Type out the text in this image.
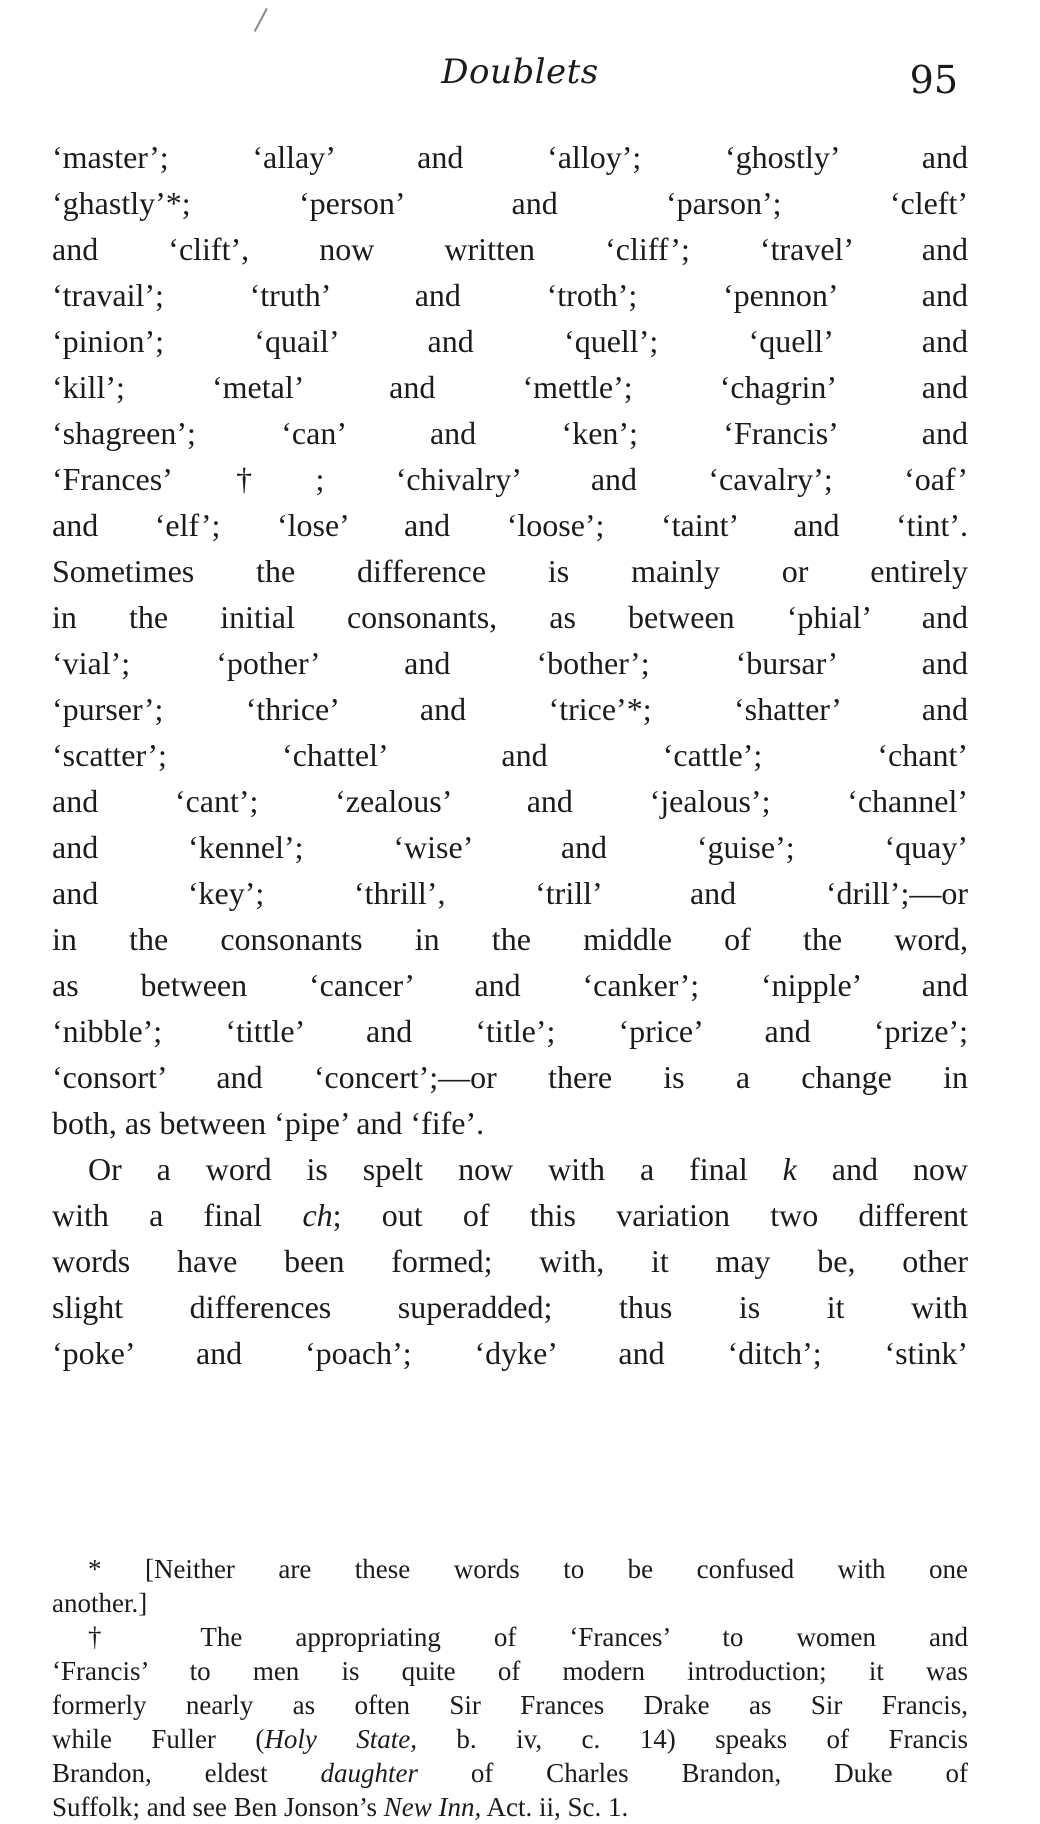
Doublets	95
‘master’; ‘allay’ and ‘alloy’; ‘ghostly’ and
‘ghastly’*; ‘person’ and ‘parson’; ‘cleft’
and ‘clift’, now written ‘cliff’; ‘travel’ and
‘travail’; ‘truth’ and ‘troth’; ‘pennon’ and
‘pinion’; ‘quail’ and ‘quell’; ‘quell’ and
‘kill’; ‘metal’ and ‘mettle’; ‘chagrin’ and
‘shagreen’; ‘can’ and ‘ken’; ‘Francis’ and
‘Frances’†; ‘chivalry’ and ‘cavalry’; ‘oaf’
and ‘elf’; ‘lose’ and ‘loose’; ‘taint’ and ‘tint’.
Sometimes the difference is mainly or entirely
in the initial consonants, as between ‘phial’ and
‘vial’; ‘pother’ and ‘bother’; ‘bursar’ and
‘purser’; ‘thrice’ and ‘trice’*; ‘shatter’ and
‘scatter’; ‘chattel’ and ‘cattle’; ‘chant’
and ‘cant’; ‘zealous’ and ‘jealous’; ‘channel’
and ‘kennel’; ‘wise’ and ‘guise’; ‘quay’
and ‘key’; ‘thrill’, ‘trill’ and ‘drill’;—or
in the consonants in the middle of the word,
as between ‘cancer’ and ‘canker’; ‘nipple’ and
‘nibble’; ‘tittle’ and ‘title’; ‘price’ and ‘prize’;
‘consort’ and ‘concert’;—or there is a change in
both, as between ‘pipe’ and ‘fife’.
Or a word is spelt now with a final k and now
with a final ch; out of this variation two different
words have been formed; with, it may be, other
slight differences superadded; thus is it with
‘poke’ and ‘poach’; ‘dyke’ and ‘ditch’; ‘stink’
* [Neither are these words to be confused with one
another.]
† The appropriating of ‘Frances’ to women and
‘Francis’ to men is quite of modern introduction; it was
formerly nearly as often Sir Frances Drake as Sir Francis,
while Fuller (Holy State, b. iv, c. 14) speaks of Francis
Brandon, eldest daughter of Charles Brandon, Duke of
Suffolk; and see Ben Jonson’s New Inn, Act. ii, Sc. 1.
